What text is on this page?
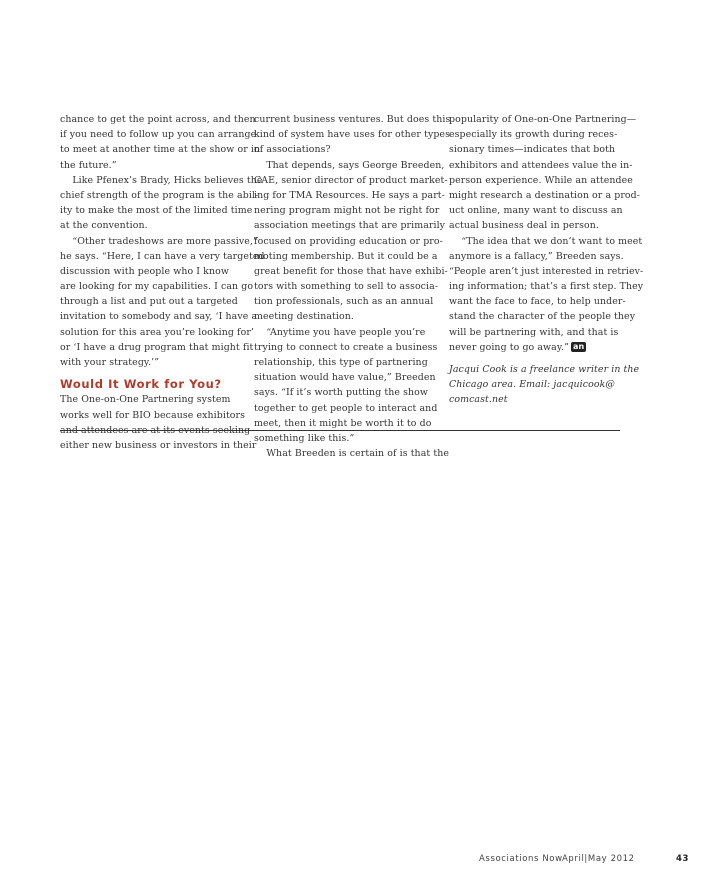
chance to get the point across, and then
if you need to follow up you can arrange
to meet at another time at the show or in
the future.”
Like Pfenex’s Brady, Hicks believes the
chief strength of the program is the abil-
ity to make the most of the limited time
at the convention.
“Other tradeshows are more passive,”
he says. “Here, I can have a very targeted
discussion with people who I know
are looking for my capabilities. I can go
through a list and put out a targeted
invitation to somebody and say, ‘I have a
solution for this area you’re looking for’
or ‘I have a drug program that might fit
with your strategy.’”
Would It Work for You?
The One-on-One Partnering system
works well for BIO because exhibitors
and attendees are at its events seeking
either new business or investors in their
current business ventures. But does this
kind of system have uses for other types
of associations?
That depends, says George Breeden,
CAE, senior director of product market-
ing for TMA Resources. He says a part-
nering program might not be right for
association meetings that are primarily
focused on providing education or pro-
moting membership. But it could be a
great benefit for those that have exhibi-
tors with something to sell to associa-
tion professionals, such as an annual
meeting destination.
“Anytime you have people you’re
trying to connect to create a business
relationship, this type of partnering
situation would have value,” Breeden
says. “If it’s worth putting the show
together to get people to interact and
meet, then it might be worth it to do
something like this.”
What Breeden is certain of is that the
popularity of One-on-One Partnering—
especially its growth during reces-
sionary times—indicates that both
exhibitors and attendees value the in-
person experience. While an attendee
might research a destination or a prod-
uct online, many want to discuss an
actual business deal in person.
“The idea that we don’t want to meet
anymore is a fallacy,” Breeden says.
“People aren’t just interested in retriev-
ing information; that’s a first step. They
want the face to face, to help under-
stand the character of the people they
will be partnering with, and that is
never going to go away.” an
Jacqui Cook is a freelance writer in the
Chicago area. Email: jacquicook@
comcast.net
Associations Now April|May 2012	43
